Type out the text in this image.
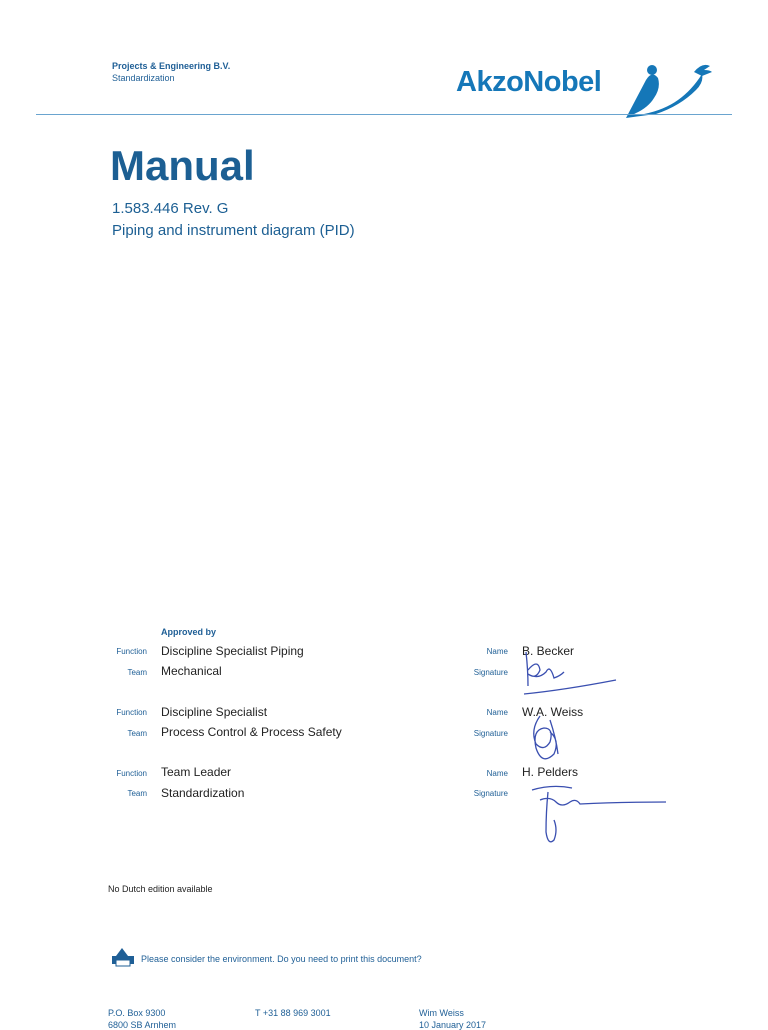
Projects & Engineering B.V.
Standardization	AkzoNobel
Manual
1.583.446 Rev. G
Piping and instrument diagram (PID)
Approved by
Function Discipline Specialist Piping
Team Mechanical
Name B. Becker
Signature
Function Discipline Specialist
Team Process Control & Process Safety
Name W.A. Weiss
Signature
Function Team Leader
Team Standardization
Name H. Pelders
Signature
No Dutch edition available
Please consider the environment. Do you need to print this document?
P.O. Box 9300
6800 SB Arnhem
T +31 88 969 3001	Wim Weiss
10 January 2017
